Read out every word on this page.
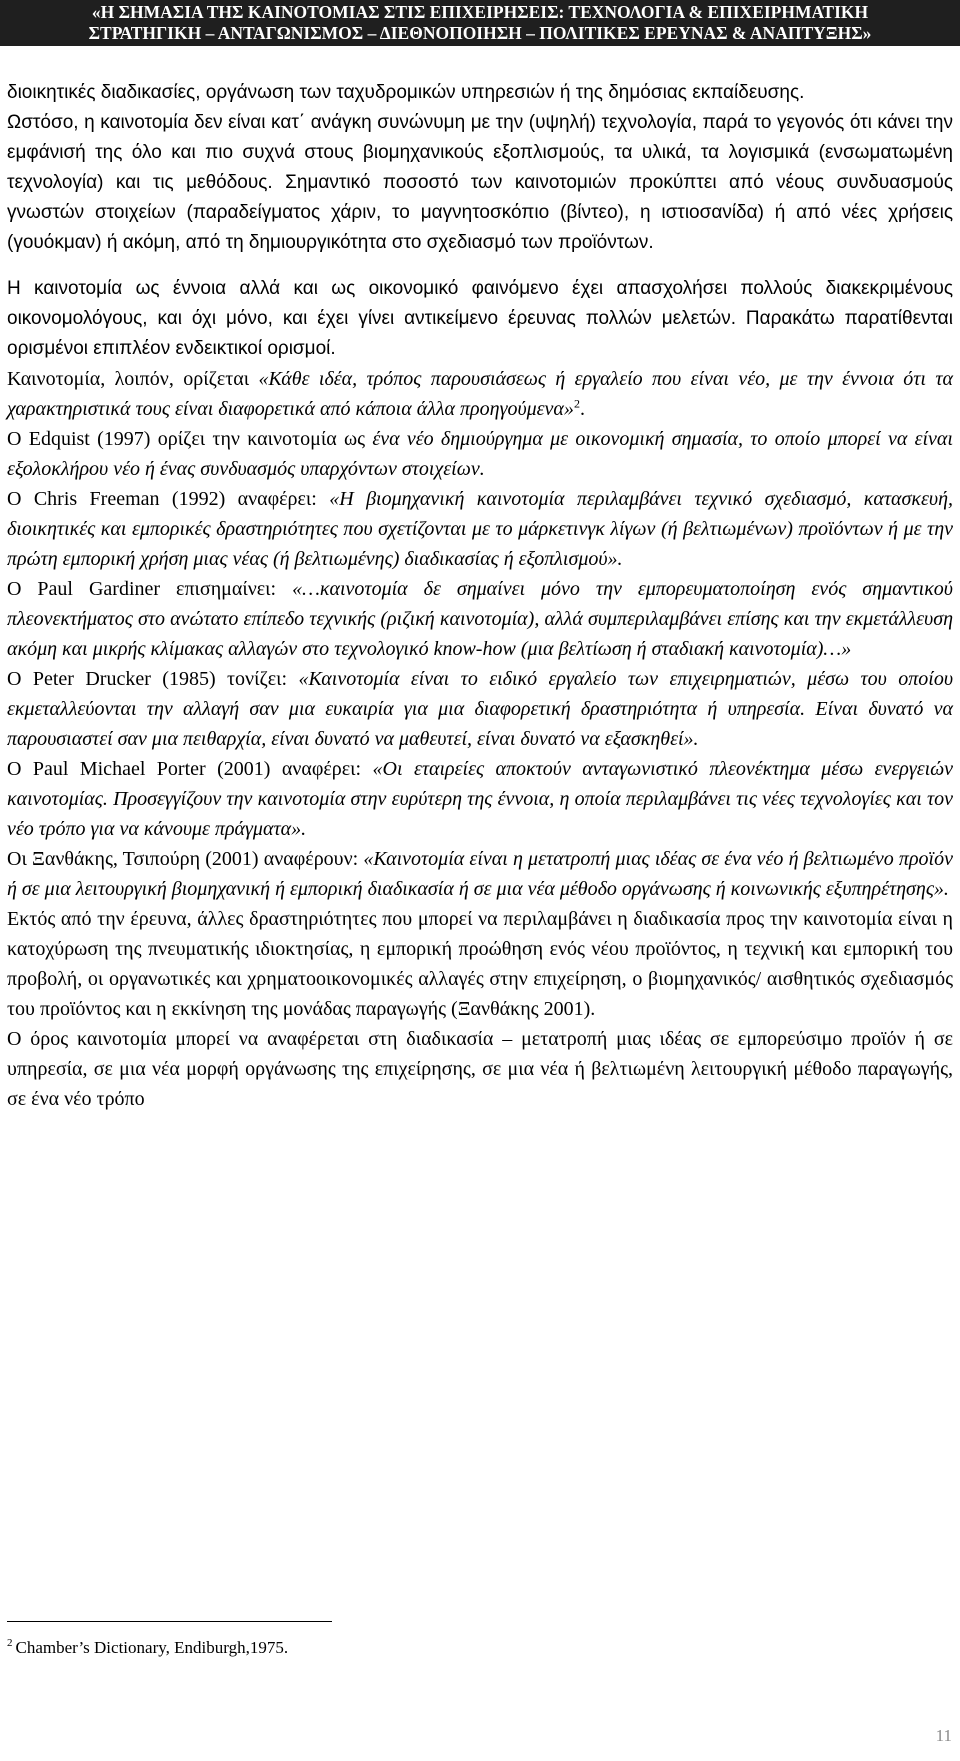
«Η ΣΗΜΑΣΙΑ ΤΗΣ ΚΑΙΝΟΤΟΜΙΑΣ ΣΤΙΣ ΕΠΙΧΕΙΡΗΣΕΙΣ: ΤΕΧΝΟΛΟΓΙΑ & ΕΠΙΧΕΙΡΗΜΑΤΙΚΗ
ΣΤΡΑΤΗΓΙΚΗ – ΑΝΤΑΓΩΝΙΣΜΟΣ – ΔΙΕΘΝΟΠΟΙΗΣΗ – ΠΟΛΙΤΙΚΕΣ ΕΡΕΥΝΑΣ & ΑΝΑΠΤΥΞΗΣ»

διοικητικές διαδικασίες, οργάνωση των ταχυδρομικών υπηρεσιών ή της δημόσιας εκπαίδευσης.

Ωστόσο, η καινοτομία δεν είναι κατ΄ ανάγκη συνώνυμη με την (υψηλή) τεχνολογία, παρά το γεγονός ότι κάνει την εμφάνισή της όλο και πιο συχνά στους βιομηχανικούς εξοπλισμούς, τα υλικά, τα λογισμικά (ενσωματωμένη τεχνολογία) και τις μεθόδους. Σημαντικό ποσοστό των καινοτομιών προκύπτει από νέους συνδυασμούς γνωστών στοιχείων (παραδείγματος χάριν, το μαγνητοσκόπιο (βίντεο), η ιστιοσανίδα) ή από νέες χρήσεις (γουόκμαν) ή ακόμη, από τη δημιουργικότητα στο σχεδιασμό των προϊόντων.

Η καινοτομία ως έννοια αλλά και ως οικονομικό φαινόμενο έχει απασχολήσει πολλούς διακεκριμένους οικονομολόγους, και όχι μόνο, και έχει γίνει αντικείμενο έρευνας πολλών μελετών. Παρακάτω παρατίθενται ορισμένοι επιπλέον ενδεικτικοί ορισμοί.

Καινοτομία, λοιπόν, ορίζεται «Κάθε ιδέα, τρόπος παρουσιάσεως ή εργαλείο που είναι νέο, με την έννοια ότι τα χαρακτηριστικά τους είναι διαφορετικά από κάποια άλλα προηγούμενα»$^2$.

Ο Edquist (1997) ορίζει την καινοτομία ως ένα νέο δημιούργημα με οικονομική σημασία, το οποίο μπορεί να είναι εξολοκλήρου νέο ή ένας συνδυασμός υπαρχόντων στοιχείων.

Ο Chris Freeman (1992) αναφέρει: «Η βιομηχανική καινοτομία περιλαμβάνει τεχνικό σχεδιασμό, κατασκευή, διοικητικές και εμπορικές δραστηριότητες που σχετίζονται με το μάρκετινγκ λίγων (ή βελτιωμένων) προϊόντων ή με την πρώτη εμπορική χρήση μιας νέας (ή βελτιωμένης) διαδικασίας ή εξοπλισμού».

Ο Paul Gardiner επισημαίνει: «…καινοτομία δε σημαίνει μόνο την εμπορευματοποίηση ενός σημαντικού πλεονεκτήματος στο ανώτατο επίπεδο τεχνικής (ριζική καινοτομία), αλλά συμπεριλαμβάνει επίσης και την εκμετάλλευση ακόμη και μικρής κλίμακας αλλαγών στο τεχνολογικό know-how (μια βελτίωση ή σταδιακή καινοτομία)…»

Ο Peter Drucker (1985) τονίζει: «Καινοτομία είναι το ειδικό εργαλείο των επιχειρηματιών, μέσω του οποίου εκμεταλλεύονται την αλλαγή σαν μια ευκαιρία για μια διαφορετική δραστηριότητα ή υπηρεσία. Είναι δυνατό να παρουσιαστεί σαν μια πειθαρχία, είναι δυνατό να μαθευτεί, είναι δυνατό να εξασκηθεί».

Ο Paul Michael Porter (2001) αναφέρει: «Οι εταιρείες αποκτούν ανταγωνιστικό πλεονέκτημα μέσω ενεργειών καινοτομίας. Προσεγγίζουν την καινοτομία στην ευρύτερη της έννοια, η οποία περιλαμβάνει τις νέες τεχνολογίες και τον νέο τρόπο για να κάνουμε πράγματα».

Οι Ξανθάκης, Τσιπούρη (2001) αναφέρουν: «Καινοτομία είναι η μετατροπή μιας ιδέας σε ένα νέο ή βελτιωμένο προϊόν ή σε μια λειτουργική βιομηχανική ή εμπορική διαδικασία ή σε μια νέα μέθοδο οργάνωσης ή κοινωνικής εξυπηρέτησης».

Εκτός από την έρευνα, άλλες δραστηριότητες που μπορεί να περιλαμβάνει η διαδικασία προς την καινοτομία είναι η κατοχύρωση της πνευματικής ιδιοκτησίας, η εμπορική προώθηση ενός νέου προϊόντος, η τεχνική και εμπορική του προβολή, οι οργανωτικές και χρηματοοικονομικές αλλαγές στην επιχείρηση, ο βιομηχανικός/ αισθητικός σχεδιασμός του προϊόντος και η εκκίνηση της μονάδας παραγωγής (Ξανθάκης 2001).

Ο όρος καινοτομία μπορεί να αναφέρεται στη διαδικασία – μετατροπή μιας ιδέας σε εμπορεύσιμο προϊόν ή σε υπηρεσία, σε μια νέα μορφή οργάνωσης της επιχείρησης, σε μια νέα ή βελτιωμένη λειτουργική μέθοδο παραγωγής, σε ένα νέο τρόπο

$^2$ Chamber’s Dictionary, Endiburgh,1975.
11
